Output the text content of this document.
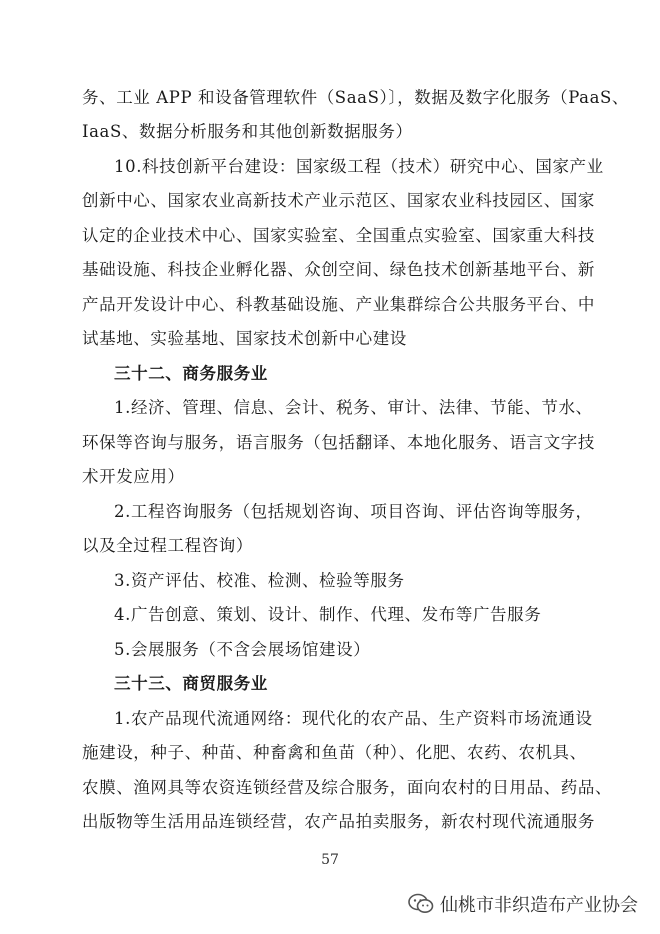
务、工业 APP 和设备管理软件（SaaS）〕，数据及数字化服务（PaaS、
IaaS、数据分析服务和其他创新数据服务）
10.科技创新平台建设：国家级工程（技术）研究中心、国家产业
创新中心、国家农业高新技术产业示范区、国家农业科技园区、国家
认定的企业技术中心、国家实验室、全国重点实验室、国家重大科技
基础设施、科技企业孵化器、众创空间、绿色技术创新基地平台、新
产品开发设计中心、科教基础设施、产业集群综合公共服务平台、中
试基地、实验基地、国家技术创新中心建设
三十二、商务服务业
1.经济、管理、信息、会计、税务、审计、法律、节能、节水、
环保等咨询与服务，语言服务（包括翻译、本地化服务、语言文字技
术开发应用）
2.工程咨询服务（包括规划咨询、项目咨询、评估咨询等服务，
以及全过程工程咨询）
3.资产评估、校准、检测、检验等服务
4.广告创意、策划、设计、制作、代理、发布等广告服务
5.会展服务（不含会展场馆建设）
三十三、商贸服务业
1.农产品现代流通网络：现代化的农产品、生产资料市场流通设
施建设，种子、种苗、种畜禽和鱼苗（种）、化肥、农药、农机具、
农膜、渔网具等农资连锁经营及综合服务，面向农村的日用品、药品、
出版物等生活用品连锁经营，农产品拍卖服务，新农村现代流通服务
57
仙桃市非织造布产业协会
